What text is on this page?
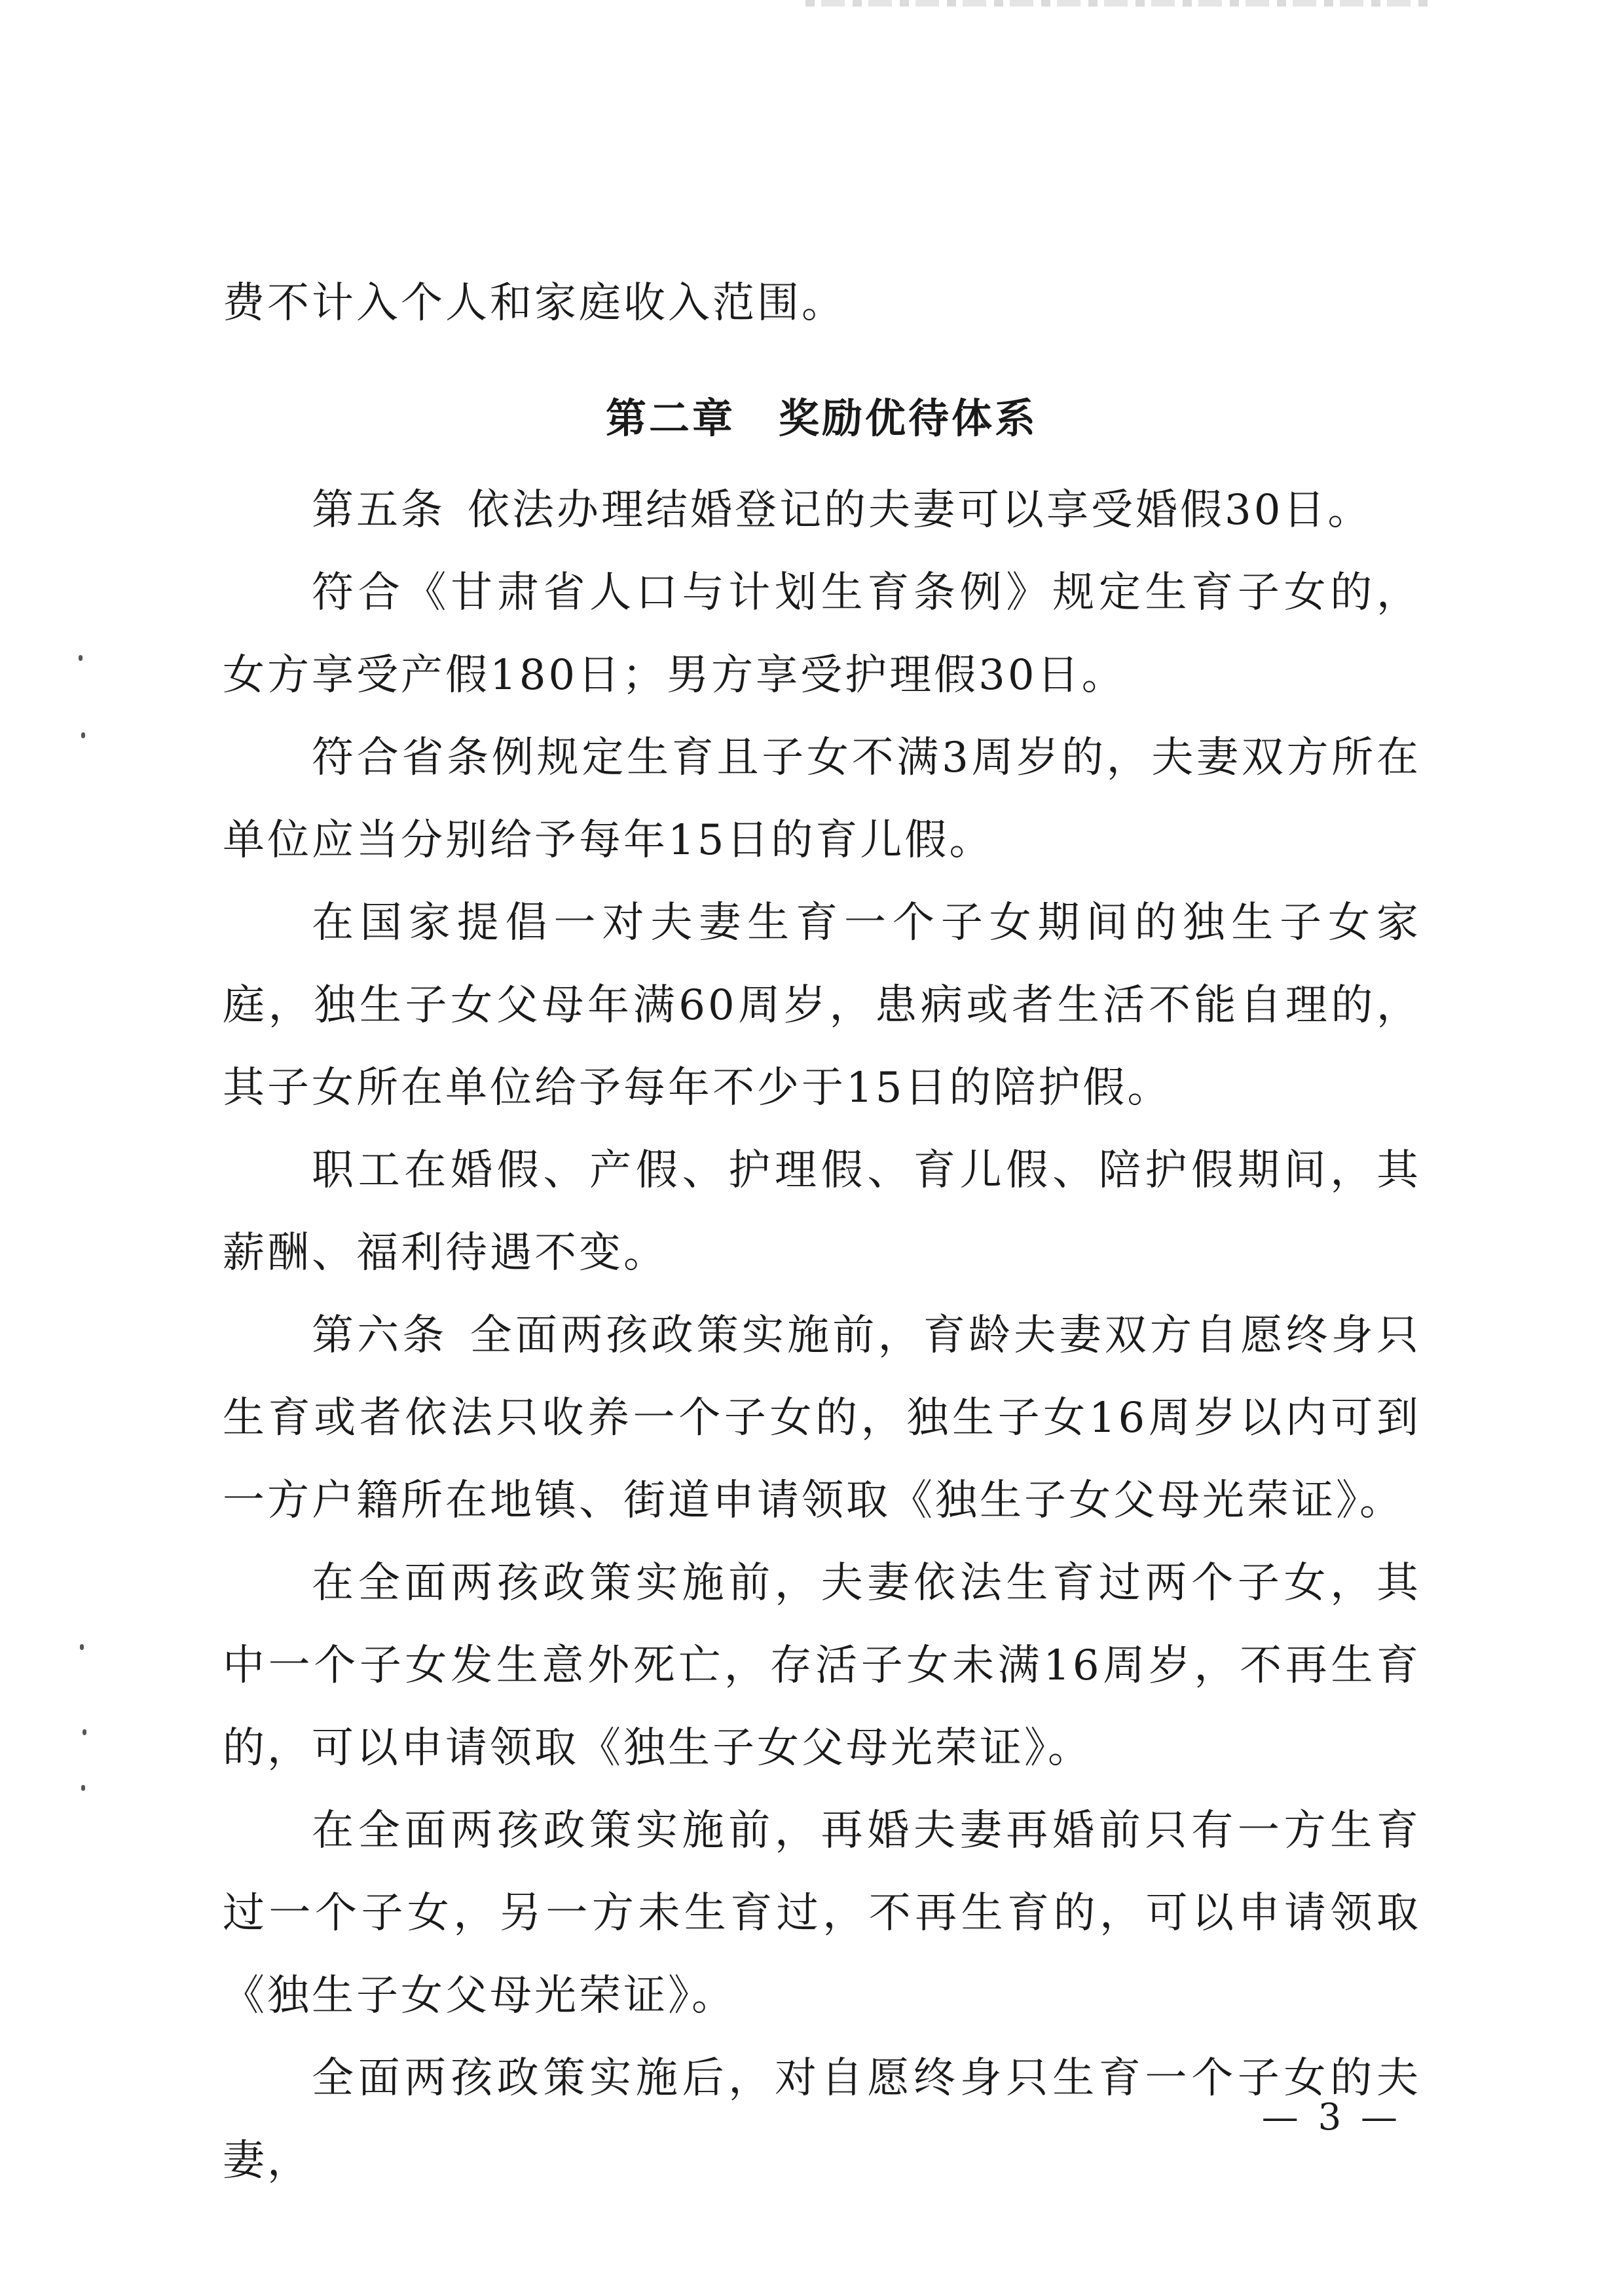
费不计入个人和家庭收入范围。

第二章　奖励优待体系

第五条 依法办理结婚登记的夫妻可以享受婚假30日。

符合《甘肃省人口与计划生育条例》规定生育子女的，女方享受产假180日；男方享受护理假30日。

符合省条例规定生育且子女不满3周岁的，夫妻双方所在单位应当分别给予每年15日的育儿假。

在国家提倡一对夫妻生育一个子女期间的独生子女家庭，独生子女父母年满60周岁，患病或者生活不能自理的，其子女所在单位给予每年不少于15日的陪护假。

职工在婚假、产假、护理假、育儿假、陪护假期间，其薪酬、福利待遇不变。

第六条 全面两孩政策实施前，育龄夫妻双方自愿终身只生育或者依法只收养一个子女的，独生子女16周岁以内可到一方户籍所在地镇、街道申请领取《独生子女父母光荣证》。

在全面两孩政策实施前，夫妻依法生育过两个子女，其中一个子女发生意外死亡，存活子女未满16周岁，不再生育的，可以申请领取《独生子女父母光荣证》。

在全面两孩政策实施前，再婚夫妻再婚前只有一方生育过一个子女，另一方未生育过，不再生育的，可以申请领取《独生子女父母光荣证》。

全面两孩政策实施后，对自愿终身只生育一个子女的夫妻，

— 3 —
